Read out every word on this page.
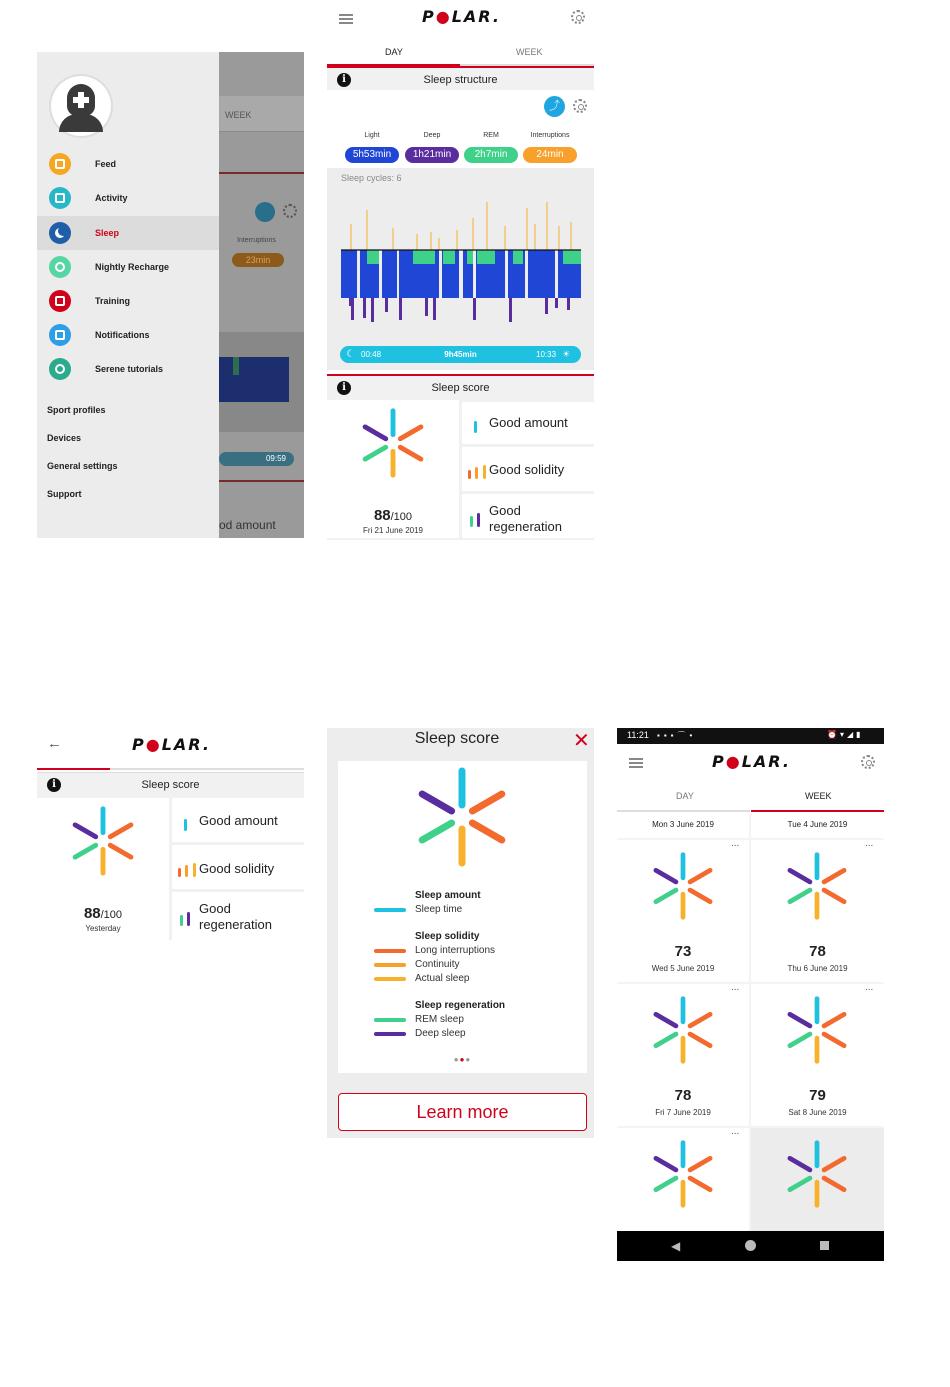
WEEK
Interruptions
23min
09:59
od amount
Feed
Activity
Sleep
Nightly Recharge
Training
Notifications
Serene tutorials
Sport profiles
Devices
General settings
Support
P●LAR.
DAY	WEEK
i	Sleep structure
⤴
Light
5h53min
Deep
1h21min
REM
2h7min
Interruptions
24min
Sleep cycles: 6
☾ 00:48	9h45min	10:33 ☀
i	Sleep score
88/100
Fri 21 June 2019
Good amount

Good solidity

Good regeneration
←	P●LAR.
i	Sleep score
88/100
Yesterday
Good amount

Good solidity

Good regeneration
Sleep score	✕
Sleep amount
Sleep time
Sleep solidity
Long interruptions
Continuity
Actual sleep
Sleep regeneration
REM sleep
Deep sleep
●●●
Learn more
11:21 ▪▪▪⌒•	⏰▾◢▮
P●LAR.
DAY	WEEK
Mon 3 June 2019	Tue 4 June 2019
...
73
Wed 5 June 2019
...
78
Thu 6 June 2019
...
78
Fri 7 June 2019
...
79
Sat 8 June 2019
...
◀
